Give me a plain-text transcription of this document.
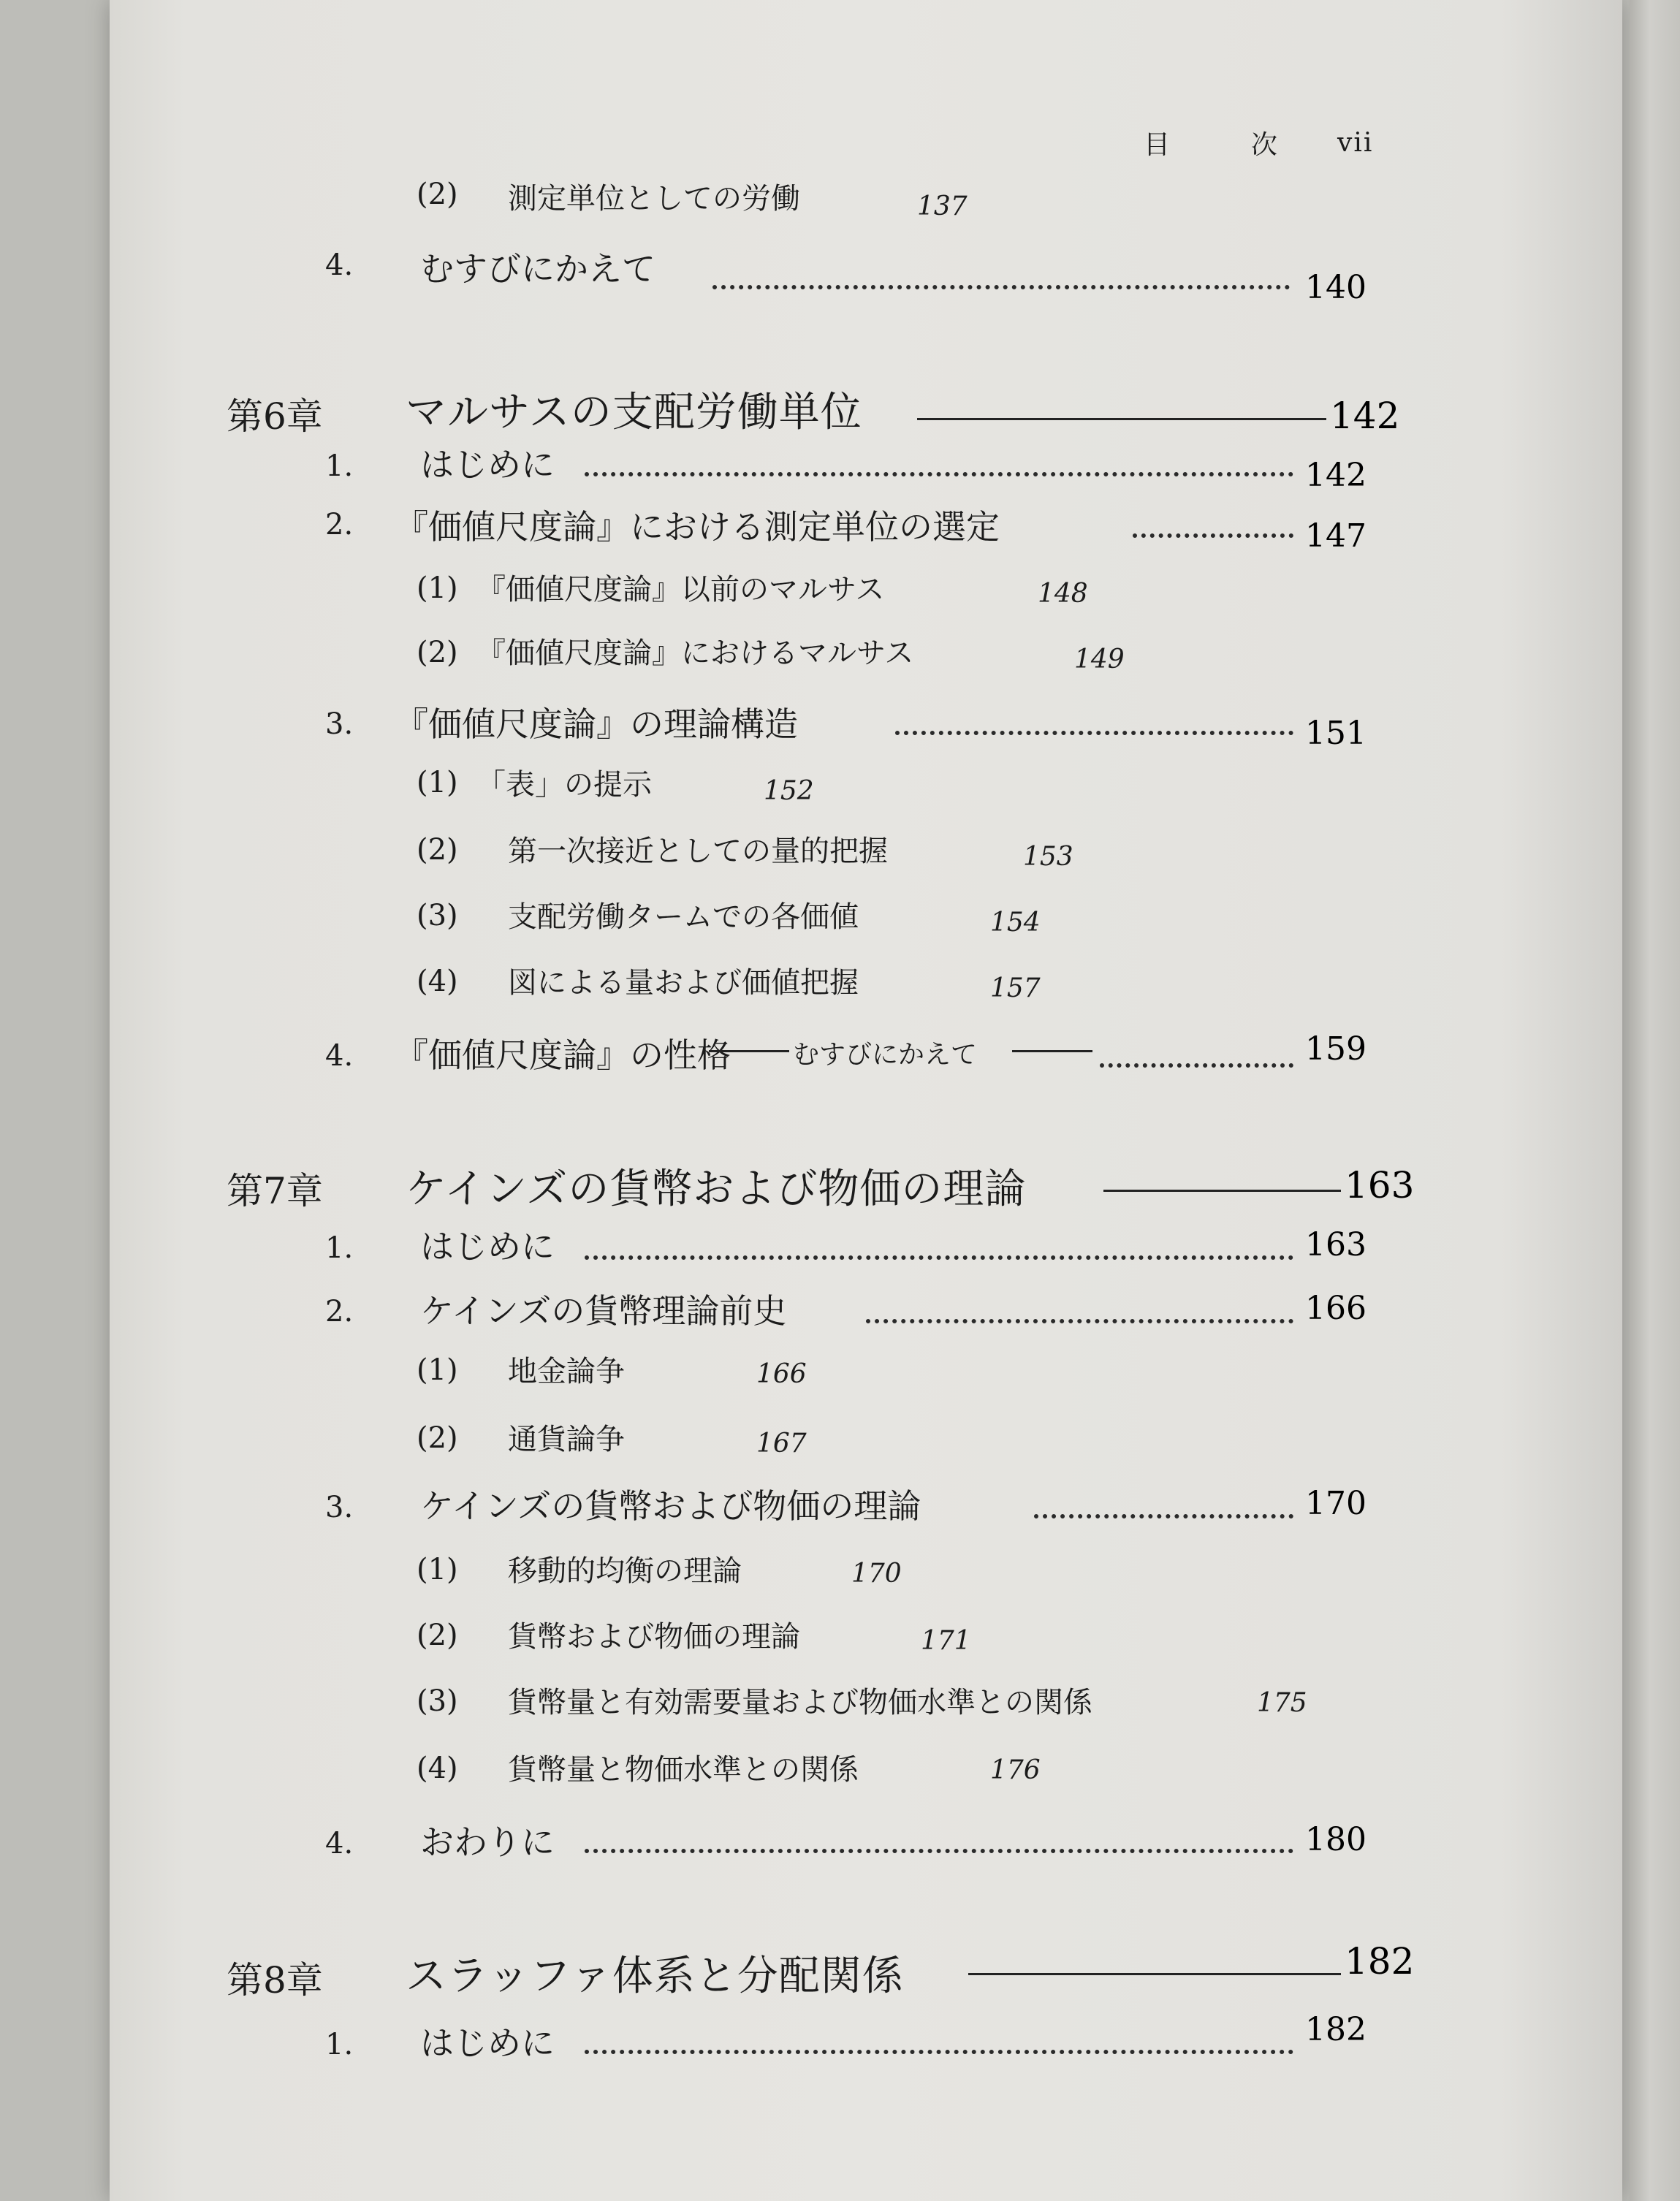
目	次 vii
(2) 測定単位としての労働	137
4. むすびにかえて	140
第6章 マルサスの支配労働単位	142
1. はじめに	142
2. 『価値尺度論』における測定単位の選定	147
(1) 『価値尺度論』以前のマルサス	148
(2) 『価値尺度論』におけるマルサス	149
3. 『価値尺度論』の理論構造	151
(1) 「表」の提示	152
(2) 第一次接近としての量的把握	153
(3) 支配労働タームでの各価値	154
(4) 図による量および価値把握	157
4. 『価値尺度論』の性格 むすびにかえて	159
第7章 ケインズの貨幣および物価の理論	163
1. はじめに	163
2. ケインズの貨幣理論前史	166
(1) 地金論争	166
(2) 通貨論争	167
3. ケインズの貨幣および物価の理論	170
(1) 移動的均衡の理論	170
(2) 貨幣および物価の理論	171
(3) 貨幣量と有効需要量および物価水準との関係	175
(4) 貨幣量と物価水準との関係	176
4. おわりに	180
第8章 スラッファ体系と分配関係	182
1. はじめに	182
